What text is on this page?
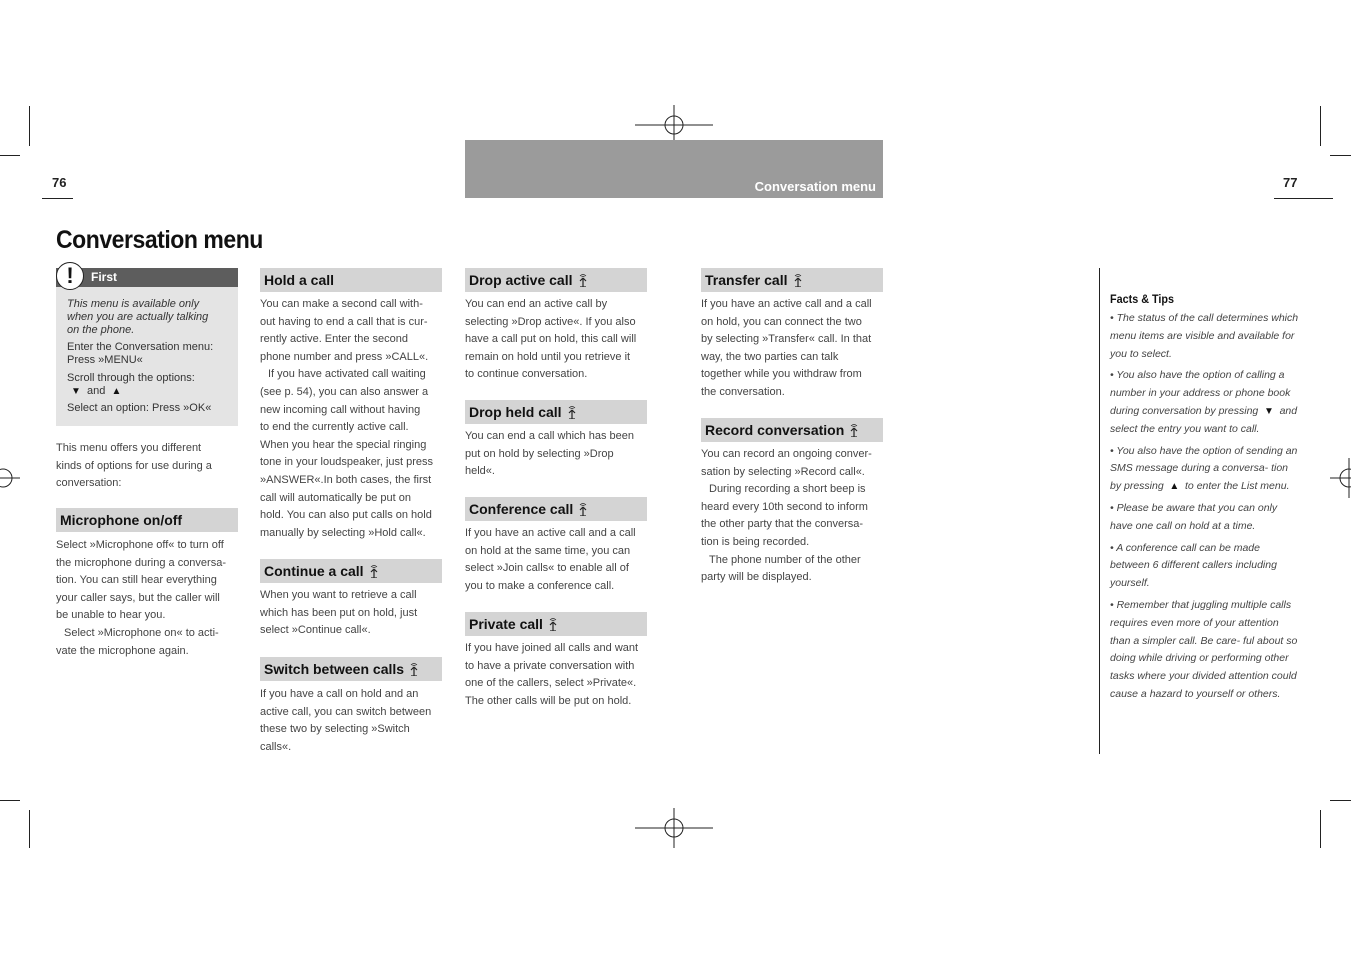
76	77
Conversation menu
Conversation menu
First
!
This menu is available only
when you are actually talking
on the phone.
Enter the Conversation menu:
Press »MENU«
Scroll through the options:
▼ and ▲
Select an option: Press »OK«

This menu offers you different

kinds of options for use during a

conversation:

Microphone on/off

Select »Microphone off« to turn off

the microphone during a conversa-

tion. You can still hear everything

your caller says, but the caller will

be unable to hear you.

Select »Microphone on« to acti-

vate the microphone again.

Hold a call

You can make a second call with-

out having to end a call that is cur-

rently active. Enter the second

phone number and press »CALL«.

If you have activated call waiting

(see p. 54), you can also answer a

new incoming call without having

to end the currently active call.

When you hear the special ringing

tone in your loudspeaker, just press

»ANSWER«.In both cases, the first

call will automatically be put on

hold. You can also put calls on hold

manually by selecting »Hold call«.

Continue a call

When you want to retrieve a call

which has been put on hold, just

select »Continue call«.

Switch between calls

If you have a call on hold and an

active call, you can switch between

these two by selecting »Switch

calls«.

Drop active call

You can end an active call by

selecting »Drop active«. If you also

have a call put on hold, this call will

remain on hold until you retrieve it

to continue conversation.

Drop held call

You can end a call which has been

put on hold by selecting »Drop

held«.

Conference call

If you have an active call and a call

on hold at the same time, you can

select »Join calls« to enable all of

you to make a conference call.

Private call

If you have joined all calls and want

to have a private conversation with

one of the callers, select »Private«.

The other calls will be put on hold.

Transfer call

If you have an active call and a call

on hold, you can connect the two

by selecting »Transfer« call. In that

way, the two parties can talk

together while you withdraw from

the conversation.

Record conversation

You can record an ongoing conver-

sation by selecting »Record call«.

During recording a short beep is

heard every 10th second to inform

the other party that the conversa-

tion is being recorded.

The phone number of the other

party will be displayed.

Facts & Tips

• The status of the call determines which menu items are visible and available for you to select.

• You also have the option of calling a number in your address or phone book during conversation by pressing  ▼  and select the entry you want to call.

• You also have the option of sending an SMS message during a conversa- tion by pressing  ▲  to enter the List menu.

• Please be aware that you can only have one call on hold at a time.

• A conference call can be made between 6 different callers including yourself.

• Remember that juggling multiple calls requires even more of your attention than a simpler call. Be care- ful about so doing while driving or performing other tasks where your divided attention could cause a hazard to yourself or others.
